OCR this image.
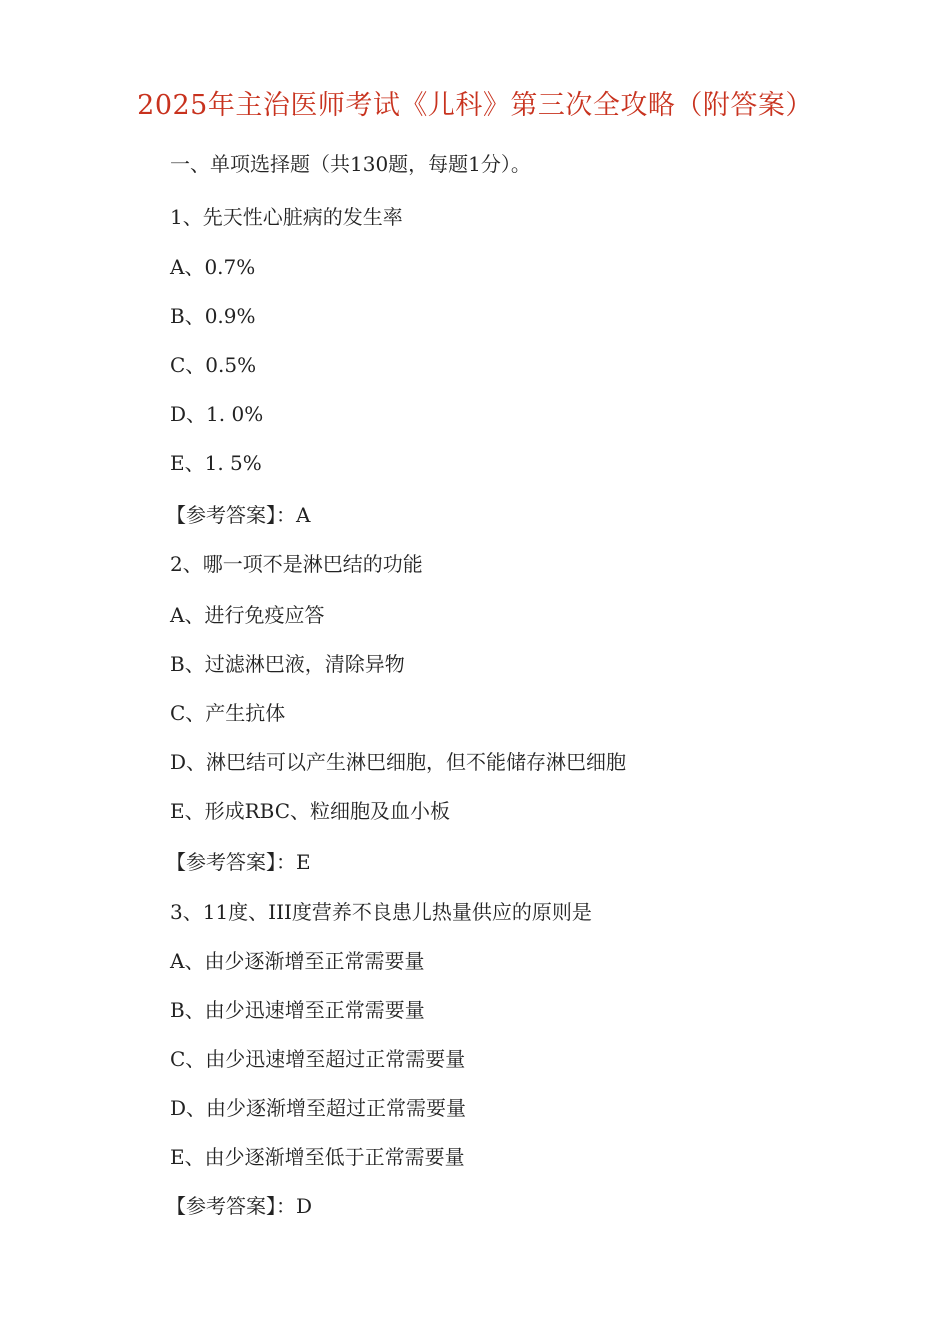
2025年主治医师考试《儿科》第三次全攻略（附答案）
一、单项选择题（共130题，每题1分）。
1、先天性心脏病的发生率
A、0.7%
B、0.9%
C、0.5%
D、1. 0%
E、1. 5%
【参考答案】：A
2、哪一项不是淋巴结的功能
A、进行免疫应答
B、过滤淋巴液，清除异物
C、产生抗体
D、淋巴结可以产生淋巴细胞，但不能储存淋巴细胞
E、形成RBC、粒细胞及血小板
【参考答案】：E
3、11度、III度营养不良患儿热量供应的原则是
A、由少逐渐增至正常需要量
B、由少迅速增至正常需要量
C、由少迅速增至超过正常需要量
D、由少逐渐增至超过正常需要量
E、由少逐渐增至低于正常需要量
【参考答案】：D
